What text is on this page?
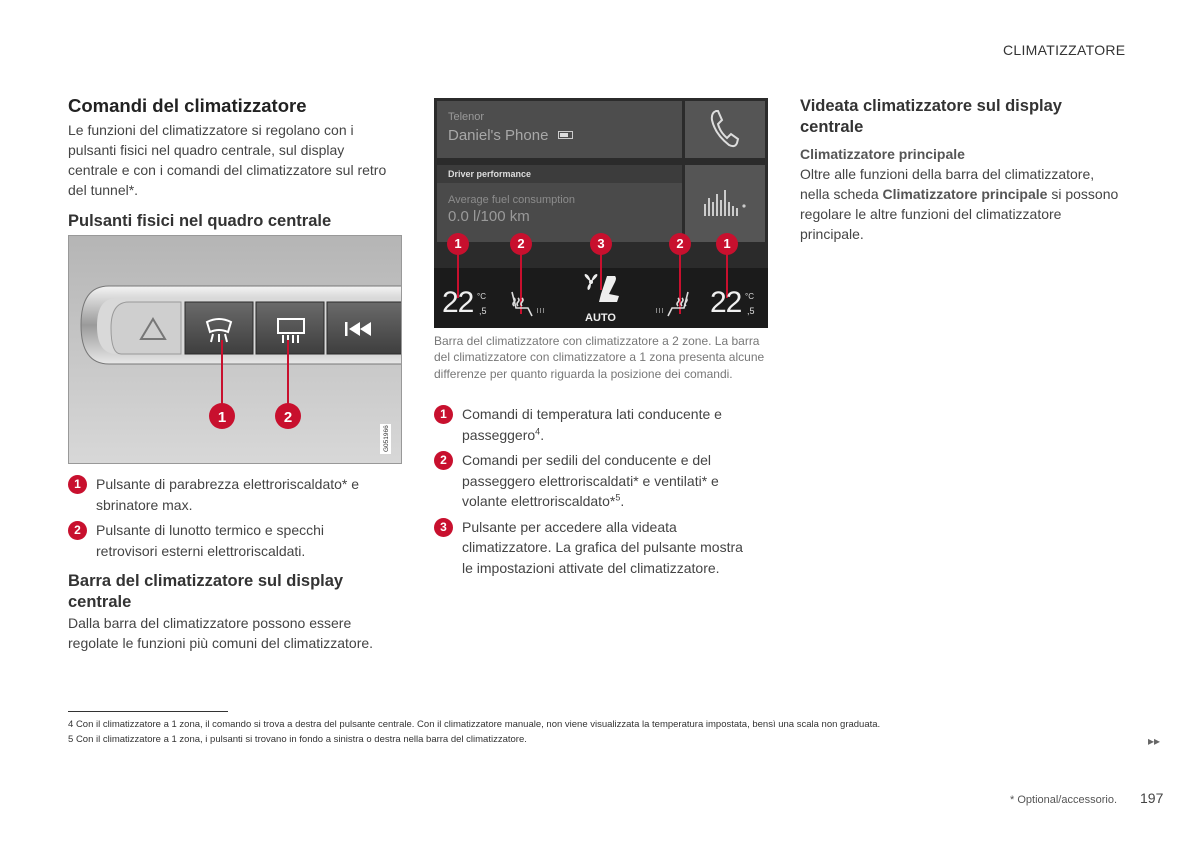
CLIMATIZZATORE
Comandi del climatizzatore

Le funzioni del climatizzatore si regolano con i pulsanti fisici nel quadro centrale, sul display centrale e con i comandi del climatizzatore sul retro del tunnel*.

Pulsanti fisici nel quadro centrale
1	2
G051966
1	Pulsante di parabrezza elettroriscaldato* e sbrinatore max.
2	Pulsante di lunotto termico e specchi retrovisori esterni elettroriscaldati.
Barra del climatizzatore sul display centrale

Dalla barra del climatizzatore possono essere regolate le funzioni più comuni del climatizzatore.

Telenor
Daniel's Phone
Driver performance
Average fuel consumption
0.0 l/100 km
1	2	3	2	1
22 °C
,5	22 °C
,5
AUTO

Barra del climatizzatore con climatizzatore a 2 zone. La barra del climatizzatore con climatizzatore a 1 zona presenta alcune differenze per quanto riguarda la posizione dei comandi.

1	Comandi di temperatura lati conducente e passeggero$^4$.
2	Comandi per sedili del conducente e del passeggero elettroriscaldati* e ventilati* e volante elettroriscaldato*$^5$.
3	Pulsante per accedere alla videata climatizzatore. La grafica del pulsante mostra le impostazioni attivate del climatizzatore.
Videata climatizzatore sul display centrale
Climatizzatore principale

Oltre alle funzioni della barra del climatizzatore, nella scheda Climatizzatore principale si possono regolare le altre funzioni del climatizzatore principale.

4 Con il climatizzatore a 1 zona, il comando si trova a destra del pulsante centrale. Con il climatizzatore manuale, non viene visualizzata la temperatura impostata, bensì una scala non graduata.
5 Con il climatizzatore a 1 zona, i pulsanti si trovano in fondo a sinistra o destra nella barra del climatizzatore.	▸▸
* Optional/accessorio. 197
